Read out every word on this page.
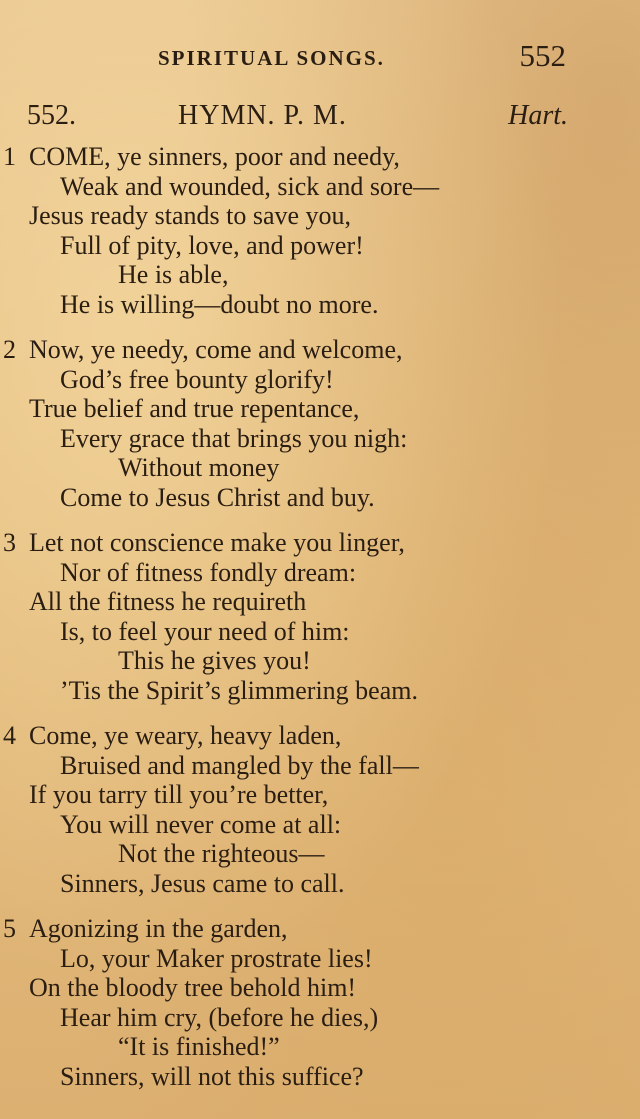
SPIRITUAL SONGS.	552
552.	HYMN. P. M.	Hart.
1 COME, ye sinners, poor and needy,
Weak and wounded, sick and sore—
Jesus ready stands to save you,
Full of pity, love, and power!
He is able,
He is willing—doubt no more.
2 Now, ye needy, come and welcome,
God’s free bounty glorify!
True belief and true repentance,
Every grace that brings you nigh:
Without money
Come to Jesus Christ and buy.
3 Let not conscience make you linger,
Nor of fitness fondly dream:
All the fitness he requireth
Is, to feel your need of him:
This he gives you!
’Tis the Spirit’s glimmering beam.
4 Come, ye weary, heavy laden,
Bruised and mangled by the fall—
If you tarry till you’re better,
You will never come at all:
Not the righteous—
Sinners, Jesus came to call.
5 Agonizing in the garden,
Lo, your Maker prostrate lies!
On the bloody tree behold him!
Hear him cry, (before he dies,)
“It is finished!”
Sinners, will not this suffice?
